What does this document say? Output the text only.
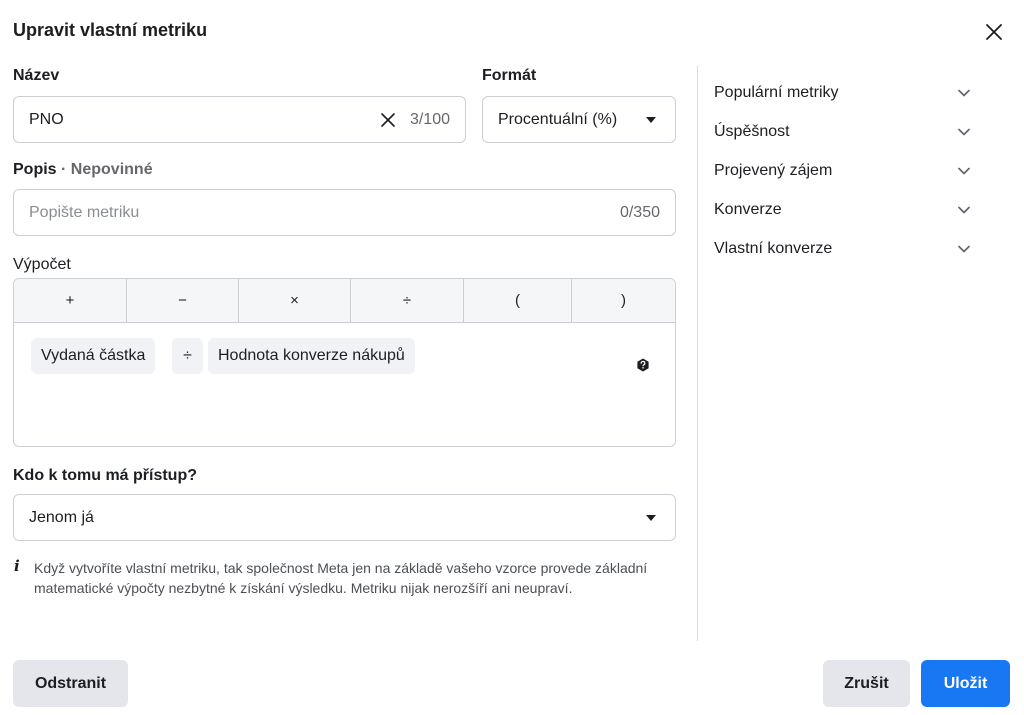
Upravit vlastní metriku
Název
PNO	3/100
Formát
Procentuální (%)
Popis · Nepovinné
Popište metriku	0/350
Výpočet
+	−	×	÷	(	)
Vydaná částka	÷	Hodnota konverze nákupů
Kdo k tomu má přístup?
Jenom já
i Když vytvoříte vlastní metriku, tak společnost Meta jen na základě vašeho vzorce provede základní matematické výpočty nezbytné k získání výsledku. Metriku nijak nerozšíří ani neupraví.
Populární metriky
Úspěšnost
Projevený zájem
Konverze
Vlastní konverze
Odstranit	Zrušit	Uložit
